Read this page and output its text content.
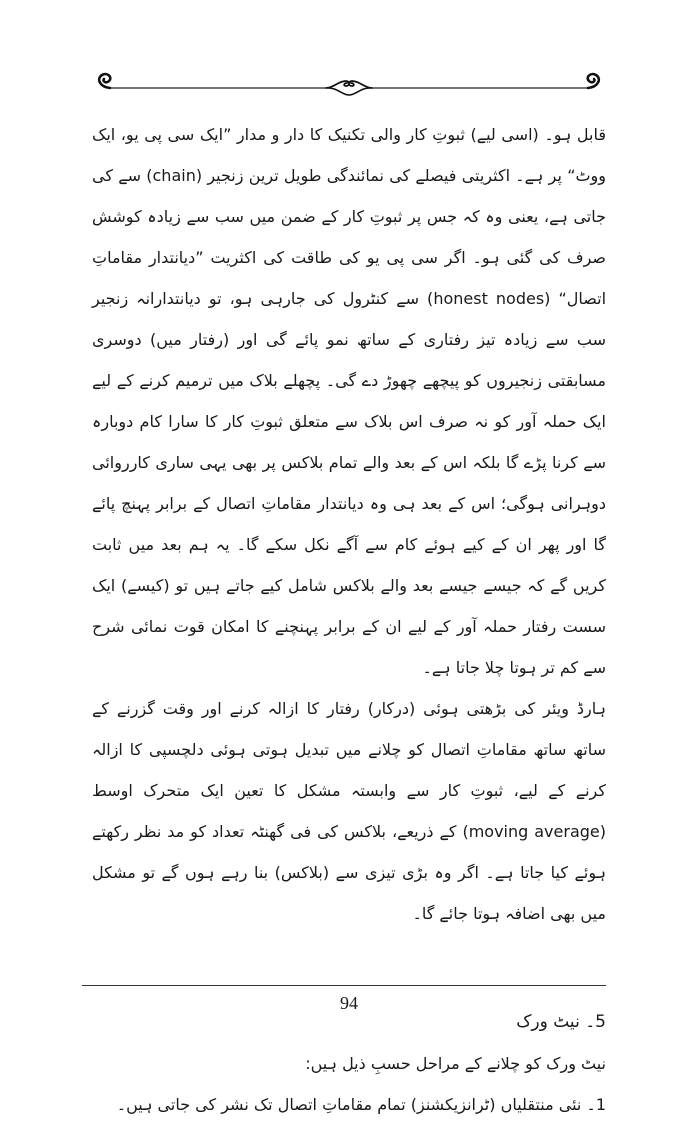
قابل ہو۔ (اسی لیے) ثبوتِ کار والی تکنیک کا دار و مدار ”ایک سی پی یو، ایک ووٹ“ پر ہے۔ اکثریتی فیصلے کی نمائندگی طویل ترین زنجیر (chain) سے کی جاتی ہے، یعنی وہ کہ جس پر ثبوتِ کار کے ضمن میں سب سے زیادہ کوشش صرف کی گئی ہو۔ اگر سی پی یو کی طاقت کی اکثریت ”دیانتدار مقاماتِ اتصال“ (honest nodes) سے کنٹرول کی جارہی ہو، تو دیانتدارانہ زنجیر سب سے زیادہ تیز رفتاری کے ساتھ نمو پائے گی اور (رفتار میں) دوسری مسابقتی زنجیروں کو پیچھے چھوڑ دے گی۔ پچھلے بلاک میں ترمیم کرنے کے لیے ایک حملہ آور کو نہ صرف اس بلاک سے متعلق ثبوتِ کار کا سارا کام دوبارہ سے کرنا پڑے گا بلکہ اس کے بعد والے تمام بلاکس پر بھی یہی ساری کارروائی دوہرانی ہوگی؛ اس کے بعد ہی وہ دیانتدار مقاماتِ اتصال کے برابر پہنچ پائے گا اور پھر ان کے کیے ہوئے کام سے آگے نکل سکے گا۔ یہ ہم بعد میں ثابت کریں گے کہ جیسے جیسے بعد والے بلاکس شامل کیے جاتے ہیں تو (کیسے) ایک سست رفتار حملہ آور کے لیے ان کے برابر پہنچنے کا امکان قوت نمائی شرح سے کم تر ہوتا چلا جاتا ہے۔

ہارڈ ویئر کی بڑھتی ہوئی (درکار) رفتار کا ازالہ کرنے اور وقت گزرنے کے ساتھ ساتھ مقاماتِ اتصال کو چلانے میں تبدیل ہوتی ہوئی دلچسپی کا ازالہ کرنے کے لیے، ثبوتِ کار سے وابستہ مشکل کا تعین ایک متحرک اوسط (moving average) کے ذریعے، بلاکس کی فی گھنٹہ تعداد کو مد نظر رکھتے ہوئے کیا جاتا ہے۔ اگر وہ بڑی تیزی سے (بلاکس) بنا رہے ہوں گے تو مشکل میں بھی اضافہ ہوتا جائے گا۔

5۔ نیٹ ورک

نیٹ ورک کو چلانے کے مراحل حسبِ ذیل ہیں:

1۔ نئی منتقلیاں (ٹرانزیکشنز) تمام مقاماتِ اتصال تک نشر کی جاتی ہیں۔

94
